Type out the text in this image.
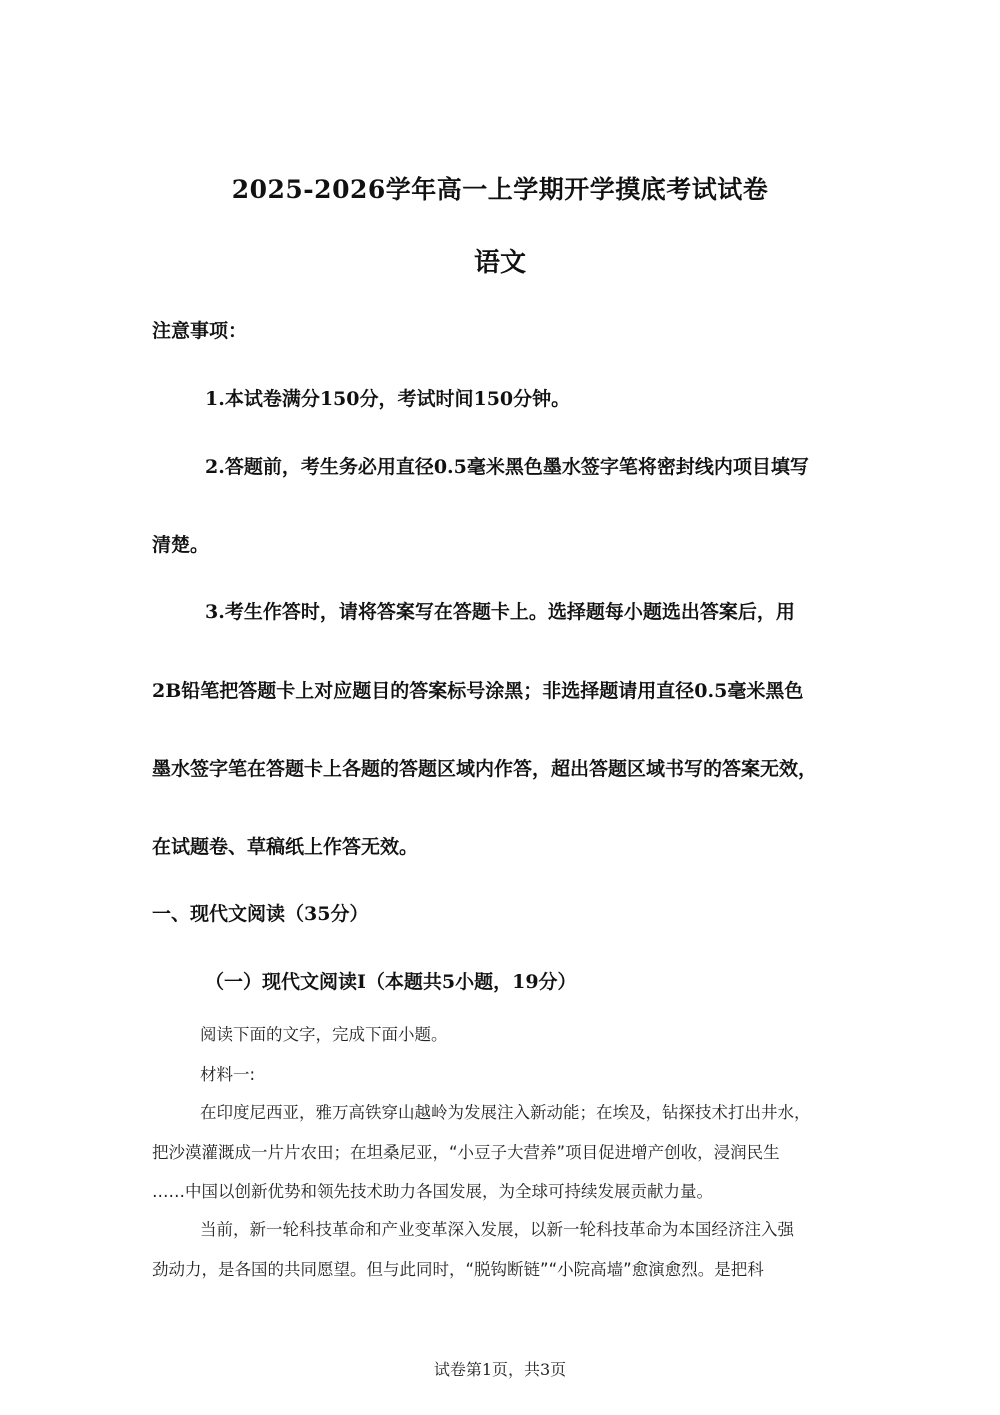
2025-2026学年高一上学期开学摸底考试试卷
语文

注意事项：

1.本试卷满分150分，考试时间150分钟。

2.答题前，考生务必用直径0.5毫米黑色墨水签字笔将密封线内项目填写

清楚。

3.考生作答时，请将答案写在答题卡上。选择题每小题选出答案后，用

2B铅笔把答题卡上对应题目的答案标号涂黑；非选择题请用直径0.5毫米黑色

墨水签字笔在答题卡上各题的答题区域内作答，超出答题区域书写的答案无效，

在试题卷、草稿纸上作答无效。

一、现代文阅读（35分）

（一）现代文阅读Ⅰ（本题共5小题，19分）

阅读下面的文字，完成下面小题。

材料一:

在印度尼西亚，雅万高铁穿山越岭为发展注入新动能；在埃及，钻探技术打出井水，

把沙漠灌溉成一片片农田；在坦桑尼亚，“小豆子大营养”项目促进增产创收，浸润民生

……中国以创新优势和领先技术助力各国发展，为全球可持续发展贡献力量。

当前，新一轮科技革命和产业变革深入发展，以新一轮科技革命为本国经济注入强

劲动力，是各国的共同愿望。但与此同时，“脱钩断链”“小院高墙”愈演愈烈。是把科

试卷第1页，共3页
